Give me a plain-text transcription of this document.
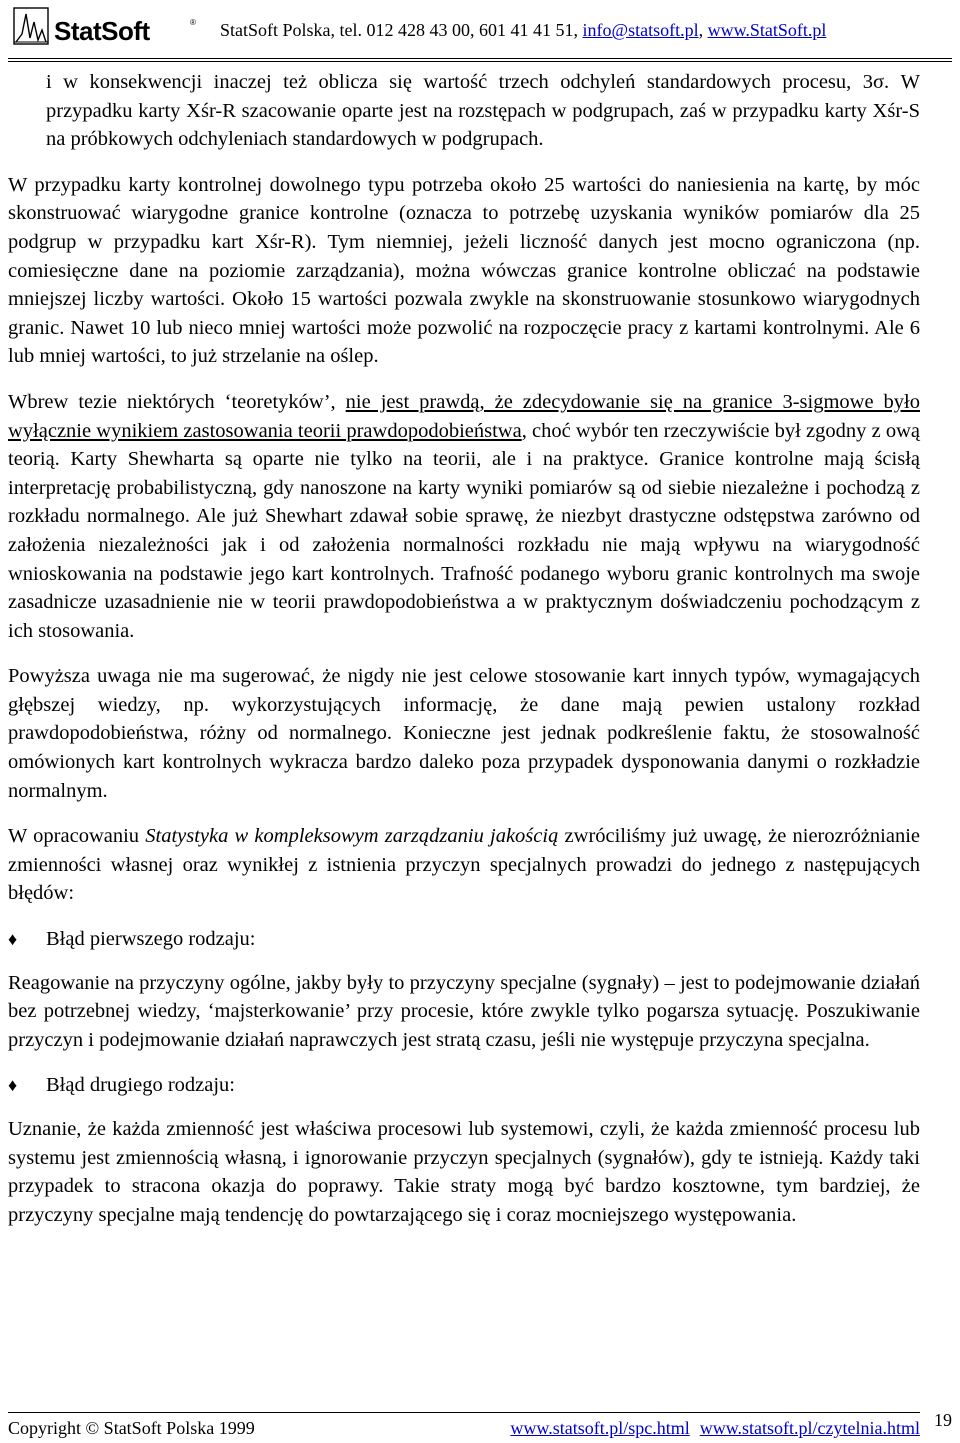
StatSoft	® StatSoft Polska, tel. 012 428 43 00, 601 41 41 51, info@statsoft.pl, www.StatSoft.pl

i w konsekwencji inaczej też oblicza się wartość trzech odchyleń standardowych procesu, 3σ. W przypadku karty Xśr-R szacowanie oparte jest na rozstępach w podgrupach, zaś w przypadku karty Xśr-S na próbkowych odchyleniach standardowych w podgrupach.

W przypadku karty kontrolnej dowolnego typu potrzeba około 25 wartości do naniesienia na kartę, by móc skonstruować wiarygodne granice kontrolne (oznacza to potrzebę uzyskania wyników pomiarów dla 25 podgrup w przypadku kart Xśr-R). Tym niemniej, jeżeli liczność danych jest mocno ograniczona (np. comiesięczne dane na poziomie zarządzania), można wówczas granice kontrolne obliczać na podstawie mniejszej liczby wartości. Około 15 wartości pozwala zwykle na skonstruowanie stosunkowo wiarygodnych granic. Nawet 10 lub nieco mniej wartości może pozwolić na rozpoczęcie pracy z kartami kontrolnymi. Ale 6 lub mniej wartości, to już strzelanie na oślep.

Wbrew tezie niektórych ‘teoretyków’, nie jest prawdą, że zdecydowanie się na granice 3-sigmowe było wyłącznie wynikiem zastosowania teorii prawdopodobieństwa, choć wybór ten rzeczywiście był zgodny z ową teorią. Karty Shewharta są oparte nie tylko na teorii, ale i na praktyce. Granice kontrolne mają ścisłą interpretację probabilistyczną, gdy nanoszone na karty wyniki pomiarów są od siebie niezależne i pochodzą z rozkładu normalnego. Ale już Shewhart zdawał sobie sprawę, że niezbyt drastyczne odstępstwa zarówno od założenia niezależności jak i od założenia normalności rozkładu nie mają wpływu na wiarygodność wnioskowania na podstawie jego kart kontrolnych. Trafność podanego wyboru granic kontrolnych ma swoje zasadnicze uzasadnienie nie w teorii prawdopodobieństwa a w praktycznym doświadczeniu pochodzącym z ich stosowania.

Powyższa uwaga nie ma sugerować, że nigdy nie jest celowe stosowanie kart innych typów, wymagających głębszej wiedzy, np. wykorzystujących informację, że dane mają pewien ustalony rozkład prawdopodobieństwa, różny od normalnego. Konieczne jest jednak podkreślenie faktu, że stosowalność omówionych kart kontrolnych wykracza bardzo daleko poza przypadek dysponowania danymi o rozkładzie normalnym.

W opracowaniu Statystyka w kompleksowym zarządzaniu jakością zwróciliśmy już uwagę, że nierozróżnianie zmienności własnej oraz wynikłej z istnienia przyczyn specjalnych prowadzi do jednego z następujących błędów:

♦	Błąd pierwszego rodzaju:

Reagowanie na przyczyny ogólne, jakby były to przyczyny specjalne (sygnały) – jest to podejmowanie działań bez potrzebnej wiedzy, ‘majsterkowanie’ przy procesie, które zwykle tylko pogarsza sytuację. Poszukiwanie przyczyn i podejmowanie działań naprawczych jest stratą czasu, jeśli nie występuje przyczyna specjalna.

♦	Błąd drugiego rodzaju:

Uznanie, że każda zmienność jest właściwa procesowi lub systemowi, czyli, że każda zmienność procesu lub systemu jest zmiennością własną, i ignorowanie przyczyn specjalnych (sygnałów), gdy te istnieją. Każdy taki przypadek to stracona okazja do poprawy. Takie straty mogą być bardzo kosztowne, tym bardziej, że przyczyny specjalne mają tendencję do powtarzającego się i coraz mocniejszego występowania.

Copyright © StatSoft Polska 1999	www.statsoft.pl/spc.html www.statsoft.pl/czytelnia.html 19
